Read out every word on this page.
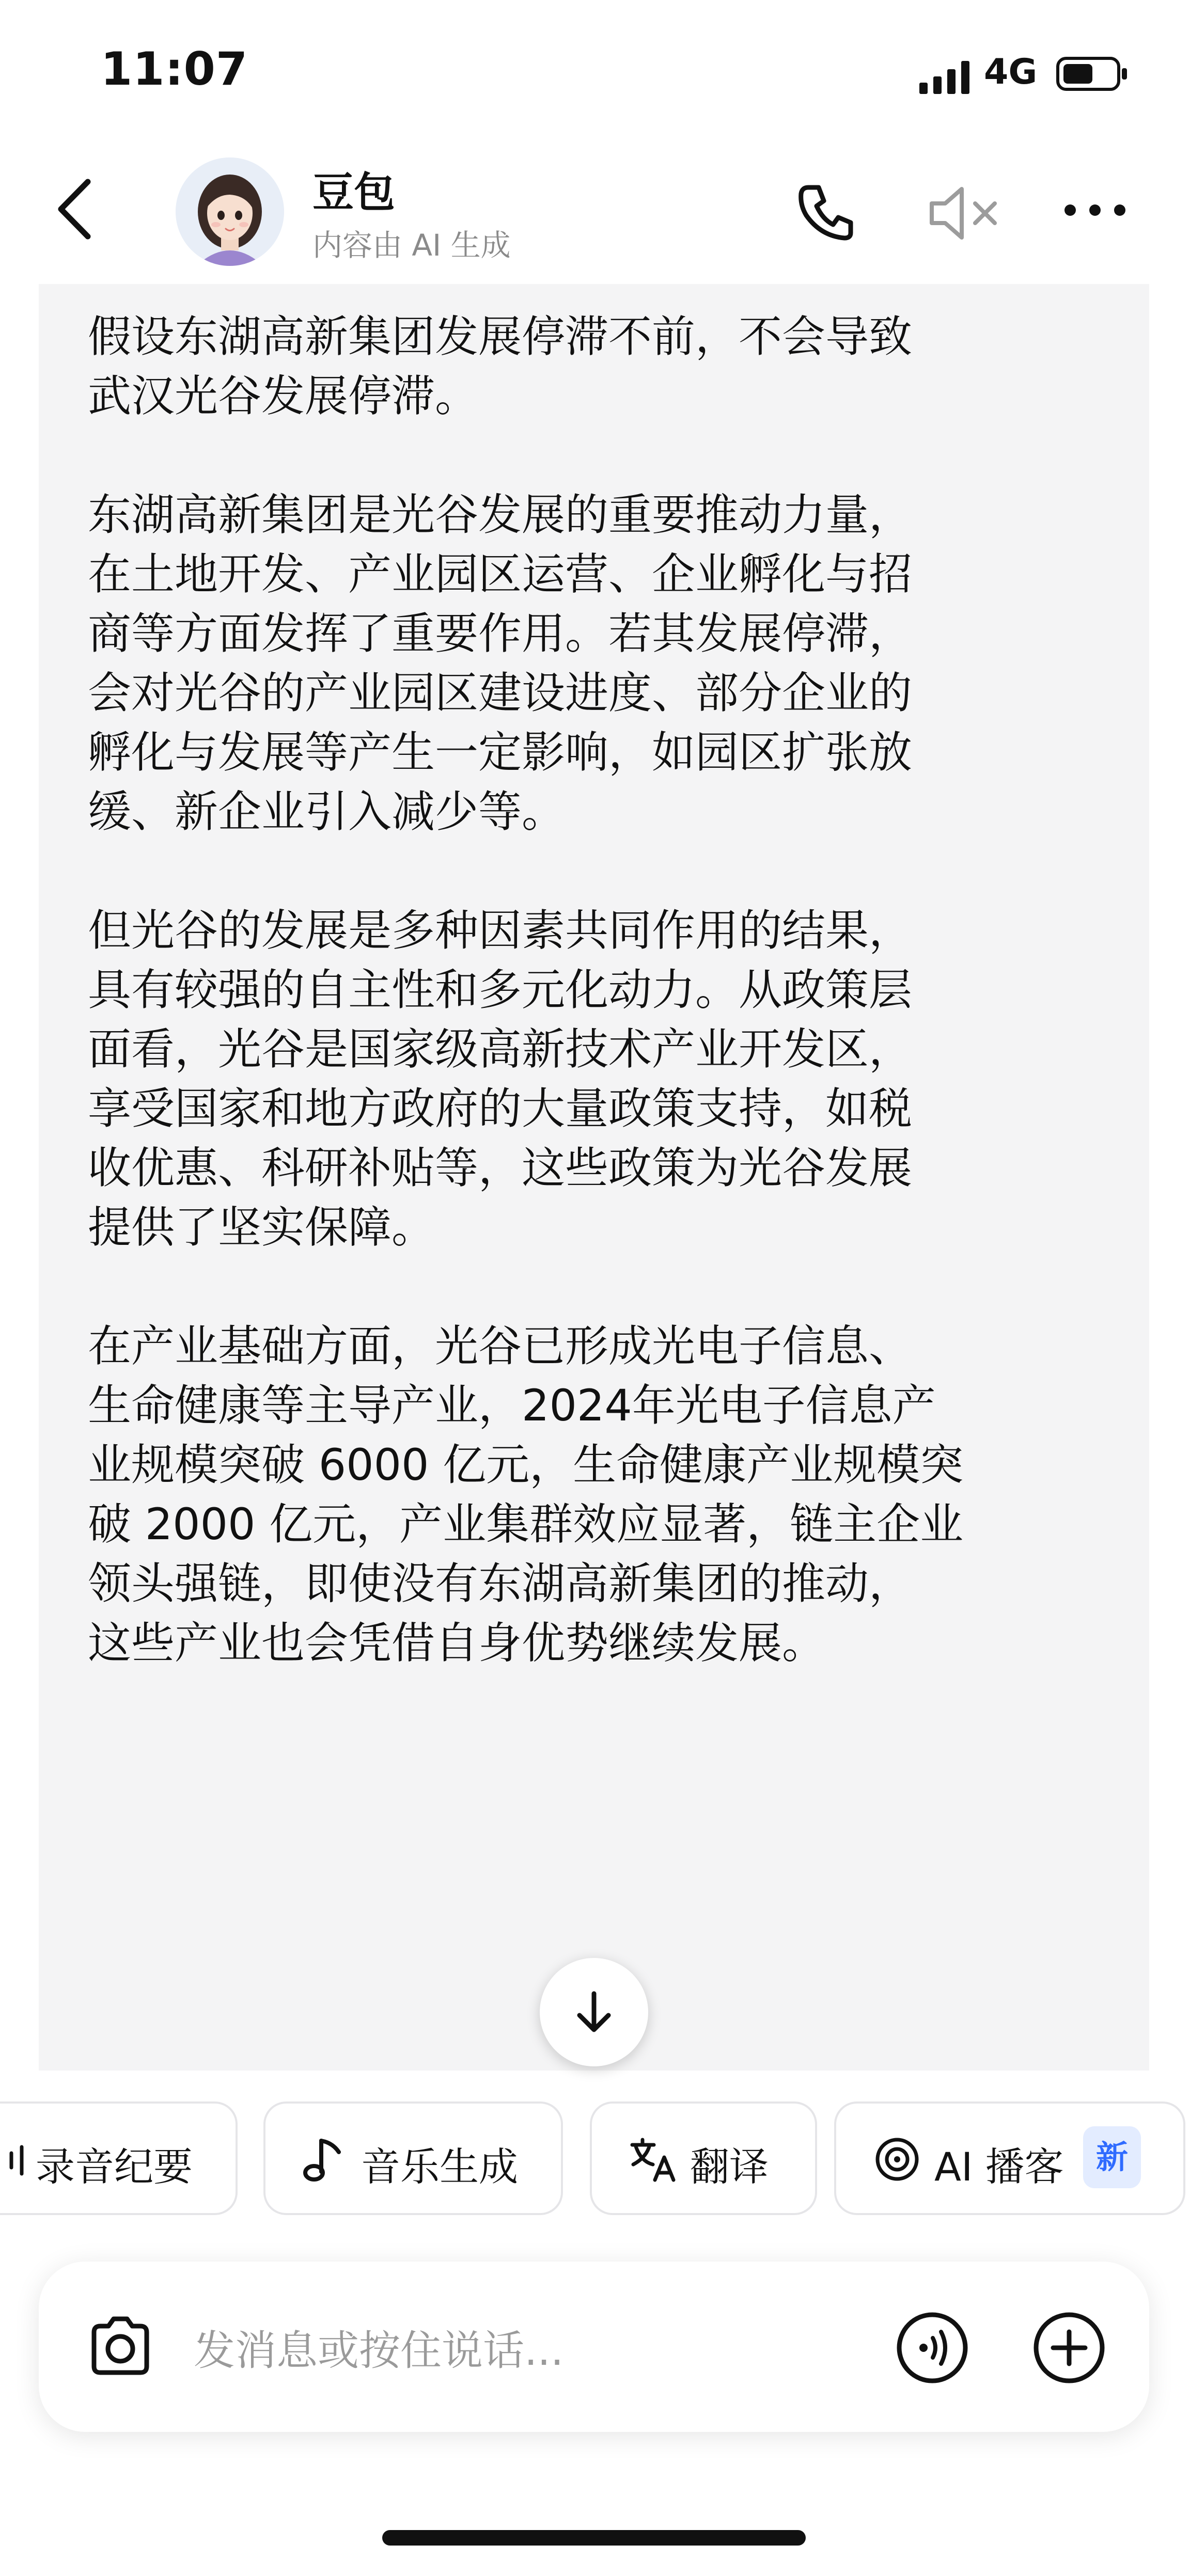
11:07	4G
豆包
内容由 AI 生成

假设东湖高新集团发展停滞不前，不会导致
武汉光谷发展停滞。

东湖高新集团是光谷发展的重要推动力量，
在土地开发、产业园区运营、企业孵化与招
商等方面发挥了重要作用。若其发展停滞，
会对光谷的产业园区建设进度、部分企业的
孵化与发展等产生一定影响，如园区扩张放
缓、新企业引入减少等。

但光谷的发展是多种因素共同作用的结果，
具有较强的自主性和多元化动力。从政策层
面看，光谷是国家级高新技术产业开发区，
享受国家和地方政府的大量政策支持，如税
收优惠、科研补贴等，这些政策为光谷发展
提供了坚实保障。

在产业基础方面，光谷已形成光电子信息、
生命健康等主导产业，2024年光电子信息产
业规模突破 6000 亿元，生命健康产业规模突
破 2000 亿元，产业集群效应显著，链主企业
领头强链，即使没有东湖高新集团的推动，
这些产业也会凭借自身优势继续发展。

录音纪要	音乐生成	翻译	AI 播客	新
发消息或按住说话...
